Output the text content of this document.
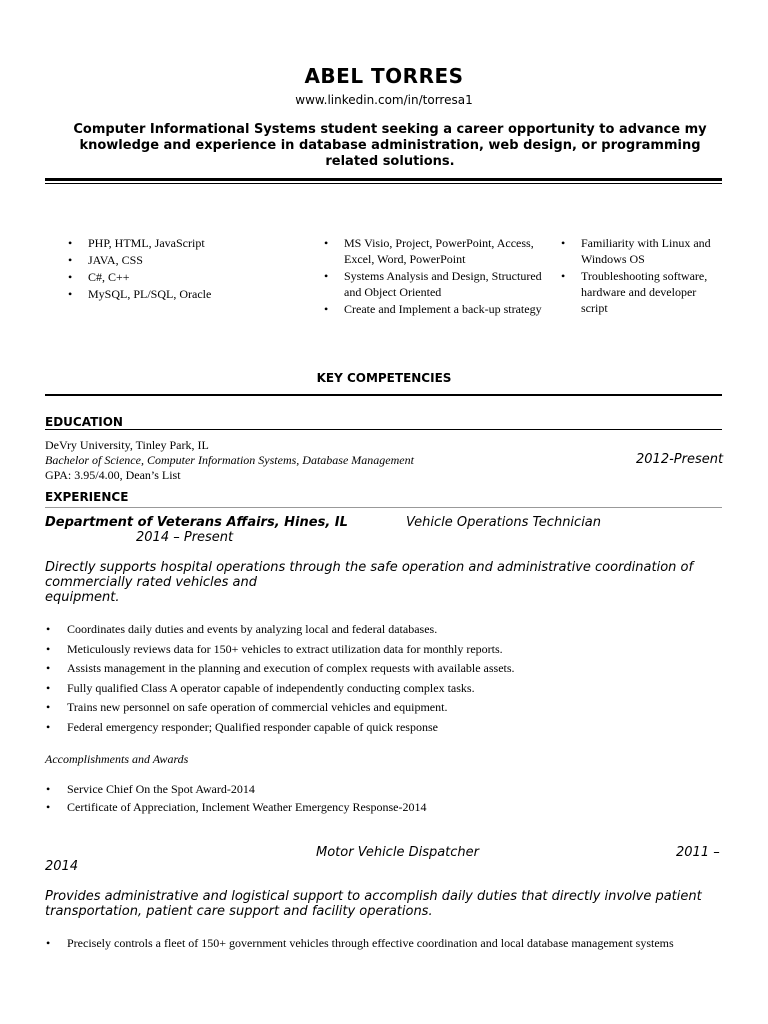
ABEL TORRES
www.linkedin.com/in/torresa1
Computer Informational Systems student seeking a career opportunity to advance my knowledge and experience in database administration, web design, or programming related solutions.
• PHP, HTML, JavaScript
• JAVA, CSS
• C#, C++
• MySQL, PL/SQL, Oracle
• MS Visio, Project, PowerPoint, Access, Excel, Word, PowerPoint
• Systems Analysis and Design, Structured and Object Oriented
• Create and Implement a back-up strategy
• Familiarity with Linux and Windows OS
• Troubleshooting software, hardware and developer script
KEY COMPETENCIES
EDUCATION
DeVry University, Tinley Park, IL
Bachelor of Science, Computer Information Systems, Database Management	2012-Present
GPA: 3.95/4.00, Dean’s List
EXPERIENCE
Department of Veterans Affairs, Hines, IL	Vehicle Operations Technician
2014 – Present
Directly supports hospital operations through the safe operation and administrative coordination of
commercially rated vehicles and
equipment.
• Coordinates daily duties and events by analyzing local and federal databases.
• Meticulously reviews data for 150+ vehicles to extract utilization data for monthly reports.
• Assists management in the planning and execution of complex requests with available assets.
• Fully qualified Class A operator capable of independently conducting complex tasks.
• Trains new personnel on safe operation of commercial vehicles and equipment.
• Federal emergency responder; Qualified responder capable of quick response
Accomplishments and Awards
• Service Chief On the Spot Award-2014
• Certificate of Appreciation, Inclement Weather Emergency Response-2014
Motor Vehicle Dispatcher	2011 –
2014
Provides administrative and logistical support to accomplish daily duties that directly involve patient
transportation, patient care support and facility operations.
• Precisely controls a fleet of 150+ government vehicles through effective coordination and local database management systems
